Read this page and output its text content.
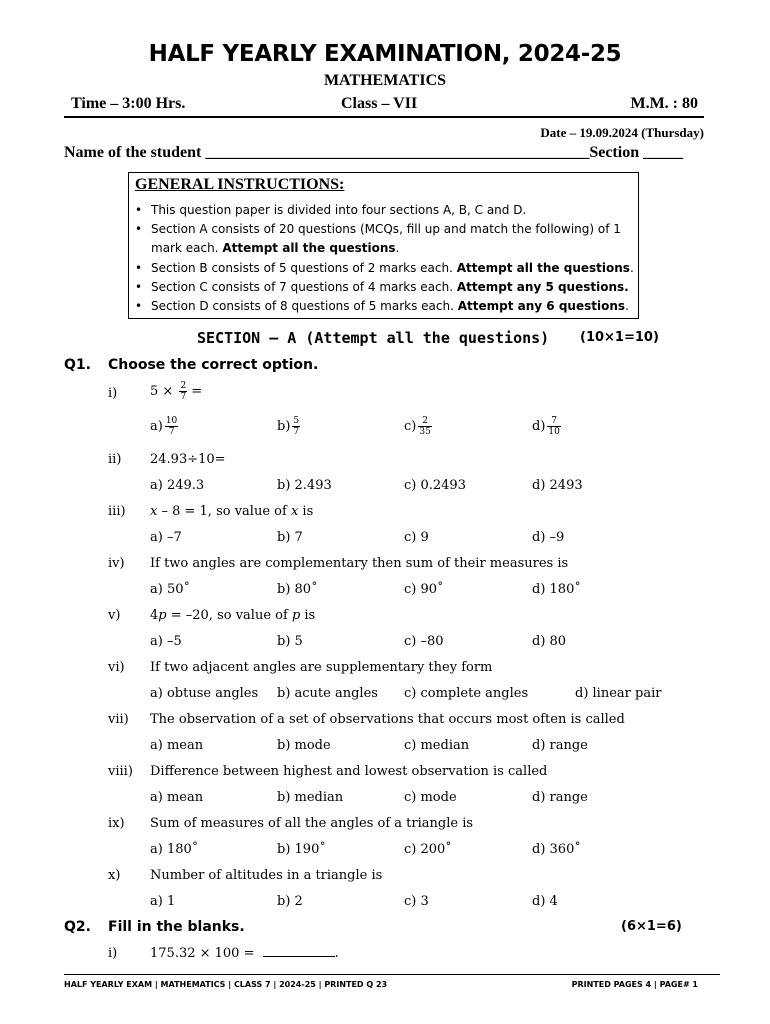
HALF YEARLY EXAMINATION, 2024-25
MATHEMATICS
Time – 3:00 Hrs.	Class – VII	M.M. : 80
Date – 19.09.2024 (Thursday)
Name of the student ________________________________________________Section _____
GENERAL INSTRUCTIONS:
• This question paper is divided into four sections A, B, C and D.
• Section A consists of 20 questions (MCQs, fill up and match the following) of 1 mark each. Attempt all the questions.
• Section B consists of 5 questions of 2 marks each. Attempt all the questions.
• Section C consists of 7 questions of 4 marks each. Attempt any 5 questions.
• Section D consists of 8 questions of 5 marks each. Attempt any 6 questions.
SECTION – A (Attempt all the questions) (10×1=10)
Q1. Choose the correct option.
i)	$5 \times \frac{2}{7}$ =
$a) \frac{10}{7}$	$b) \frac{5}{7}$	$c) \frac{2}{35}$	$d) \frac{7}{10}$
ii) 24.93÷10=
a) 249.3	b) 2.493	c) 0.2493	d) 2493
iii) x – 8 = 1, so value of x is
a) –7	b) 7	c) 9	d) –9
iv) If two angles are complementary then sum of their measures is
a) 50˚	b) 80˚	c) 90˚	d) 180˚
v) 4p = –20, so value of p is
a) –5	b) 5	c) –80	d) 80
vi) If two adjacent angles are supplementary they form
a) obtuse angles b) acute angles c) complete angles	d) linear pair
vii) The observation of a set of observations that occurs most often is called
a) mean	b) mode	c) median	d) range
viii) Difference between highest and lowest observation is called
a) mean	b) median	c) mode	d) range
ix) Sum of measures of all the angles of a triangle is
a) 180˚	b) 190˚	c) 200˚	d) 360˚
x) Number of altitudes in a triangle is
a) 1	b) 2	c) 3	d) 4
Q2. Fill in the blanks.	(6×1=6)
i)	175.32 × 100 =	.
HALF YEARLY EXAM | MATHEMATICS | CLASS 7 | 2024-25 | PRINTED Q 23	PRINTED PAGES 4 | PAGE# 1
